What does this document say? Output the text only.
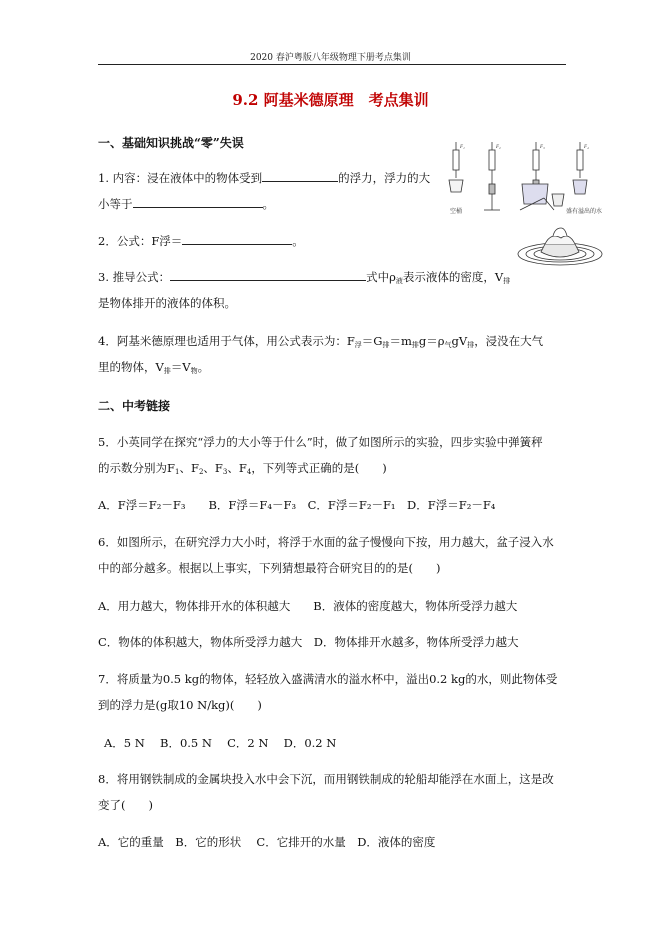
2020 春沪粤版八年级物理下册考点集训
9.2 阿基米德原理　考点集训
一、基础知识挑战“零”失误
1. 内容：浸在液体中的物体受到	的浮力，浮力的大
小等于	。
2．公式：F浮＝	。
3. 推导公式：	式中$\rho_液$表示液体的密度，$V_排$
是物体排开的液体的体积。
4．阿基米德原理也适用于气体，用公式表示为：$F_浮=G_排=m_排g=\rho_气gV_排$，浸没在大气
里的物体，$V_排=V_物$。
二、中考链接
5．小英同学在探究“浮力的大小等于什么”时，做了如图所示的实验，四步实验中弹簧秤
的示数分别为$F_1$、$F_2$、$F_3$、$F_4$，下列等式正确的是(　　)
A．F浮＝F₂－F₃　　B．F浮＝F₄－F₃　C．F浮＝F₂－F₁　D．F浮＝F₂－F₄
6．如图所示，在研究浮力大小时，将浮于水面的盆子慢慢向下按，用力越大，盆子浸入水
中的部分越多。根据以上事实，下列猜想最符合研究目的的是(　　)
A．用力越大，物体排开水的体积越大　　B．液体的密度越大，物体所受浮力越大
C．物体的体积越大，物体所受浮力越大　D．物体排开水越多，物体所受浮力越大
7．将质量为0.5 kg的物体，轻轻放入盛满清水的溢水杯中，溢出0.2 kg的水，则此物体受
到的浮力是(g取10 N/kg)(　　)
A．5 N　 B．0.5 N　 C．2 N　 D．0.2 N
8．将用钢铁制成的金属块投入水中会下沉，而用钢铁制成的轮船却能浮在水面上，这是改
变了(　　)
A．它的重量　B．它的形状　 C．它排开的水量　D．液体的密度
F₁	F₂	F₃	F₄
空桶	盛有溢出的水
